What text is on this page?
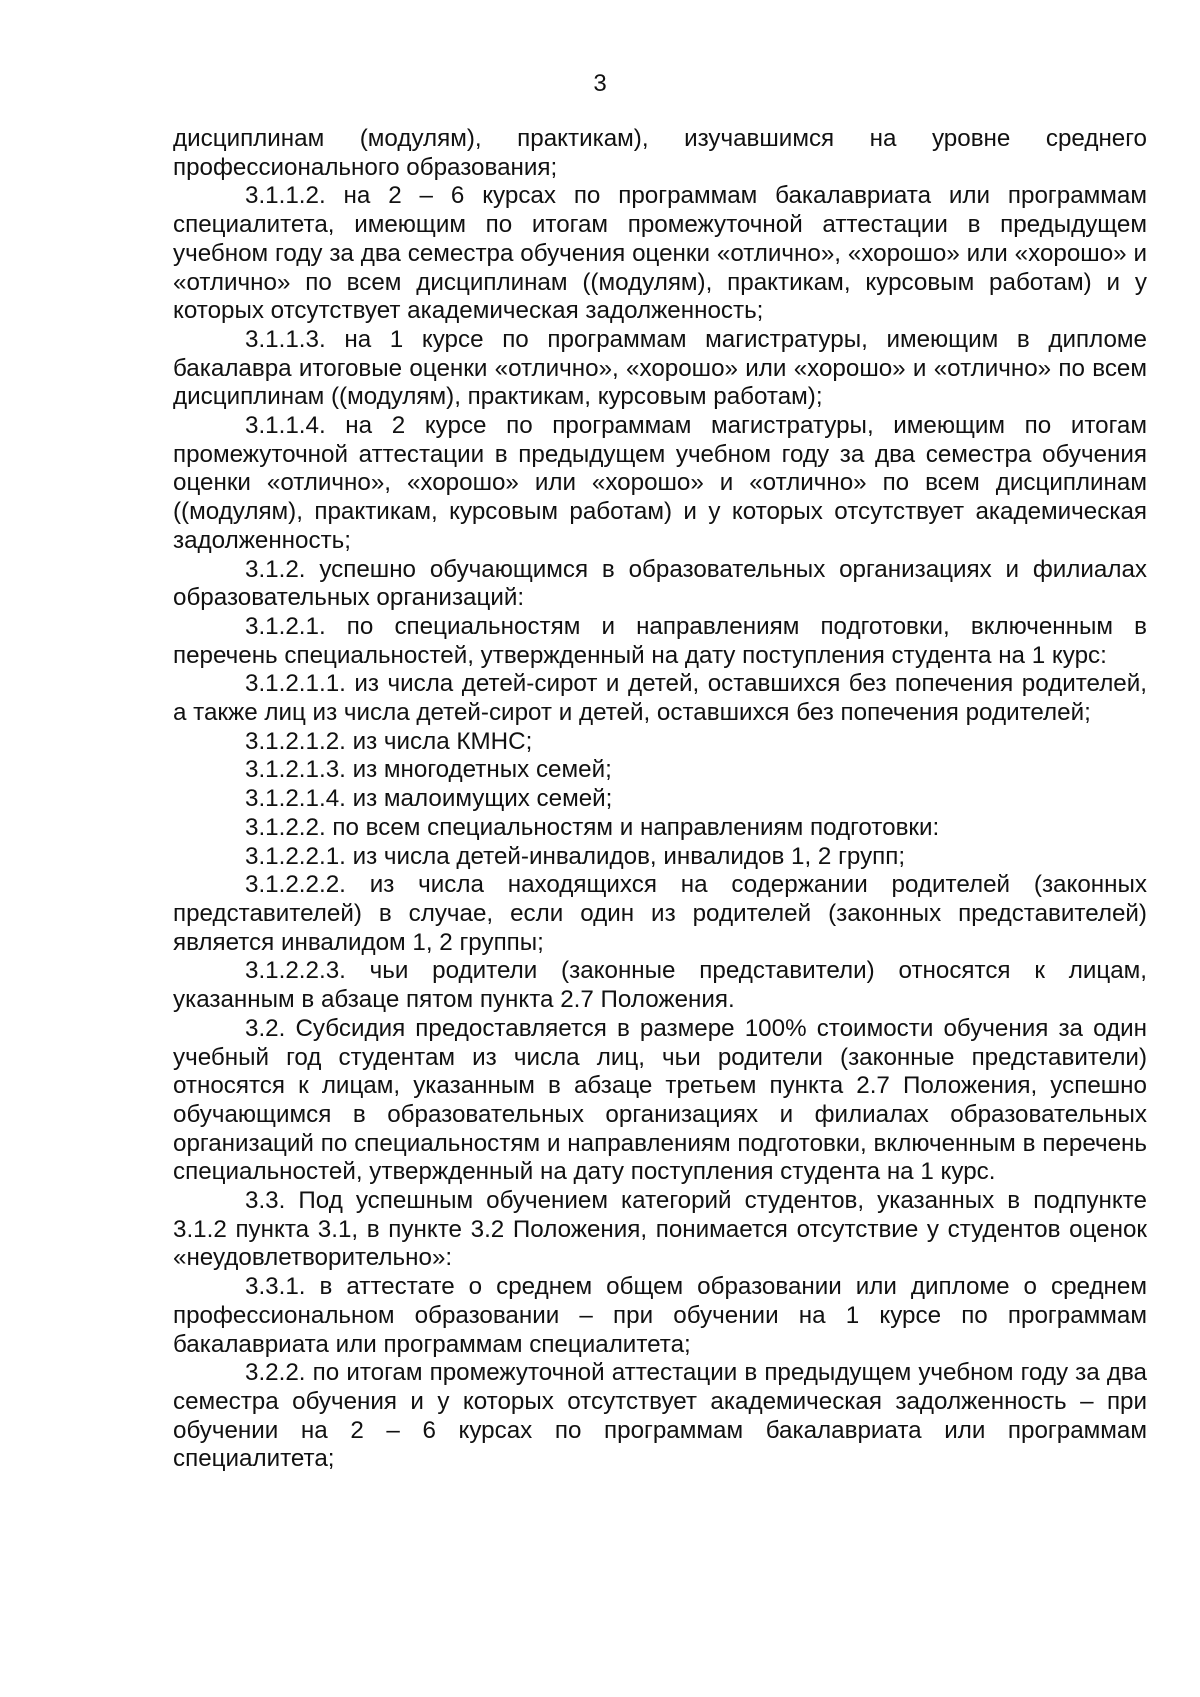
3

дисциплинам (модулям), практикам), изучавшимся на уровне среднего профессионального образования;

3.1.1.2. на 2 – 6 курсах по программам бакалавриата или программам специалитета, имеющим по итогам промежуточной аттестации в предыдущем учебном году за два семестра обучения оценки «отлично», «хорошо» или «хорошо» и «отлично» по всем дисциплинам ((модулям), практикам, курсовым работам) и у которых отсутствует академическая задолженность;

3.1.1.3. на 1 курсе по программам магистратуры, имеющим в дипломе бакалавра итоговые оценки «отлично», «хорошо» или «хорошо» и «отлично» по всем дисциплинам ((модулям), практикам, курсовым работам);

3.1.1.4. на 2 курсе по программам магистратуры, имеющим по итогам промежуточной аттестации в предыдущем учебном году за два семестра обучения оценки «отлично», «хорошо» или «хорошо» и «отлично» по всем дисциплинам ((модулям), практикам, курсовым работам) и у которых отсутствует академическая задолженность;

3.1.2. успешно обучающимся в образовательных организациях и филиалах образовательных организаций:

3.1.2.1. по специальностям и направлениям подготовки, включенным в перечень специальностей, утвержденный на дату поступления студента на 1 курс:

3.1.2.1.1. из числа детей-сирот и детей, оставшихся без попечения родителей, а также лиц из числа детей-сирот и детей, оставшихся без попечения родителей;

3.1.2.1.2. из числа КМНС;

3.1.2.1.3. из многодетных семей;

3.1.2.1.4. из малоимущих семей;

3.1.2.2. по всем специальностям и направлениям подготовки:

3.1.2.2.1. из числа детей-инвалидов, инвалидов 1, 2 групп;

3.1.2.2.2. из числа находящихся на содержании родителей (законных представителей) в случае, если один из родителей (законных представителей) является инвалидом 1, 2 группы;

3.1.2.2.3. чьи родители (законные представители) относятся к лицам, указанным в абзаце пятом пункта 2.7 Положения.

3.2. Субсидия предоставляется в размере 100% стоимости обучения за один учебный год студентам из числа лиц, чьи родители (законные представители) относятся к лицам, указанным в абзаце третьем пункта 2.7 Положения, успешно обучающимся в образовательных организациях и филиалах образовательных организаций по специальностям и направлениям подготовки, включенным в перечень специальностей, утвержденный на дату поступления студента на 1 курс.

3.3. Под успешным обучением категорий студентов, указанных в подпункте 3.1.2 пункта 3.1, в пункте 3.2 Положения, понимается отсутствие у студентов оценок «неудовлетворительно»:

3.3.1. в аттестате о среднем общем образовании или дипломе о среднем профессиональном образовании – при обучении на 1 курсе по программам бакалавриата или программам специалитета;

3.2.2. по итогам промежуточной аттестации в предыдущем учебном году за два семестра обучения и у которых отсутствует академическая задолженность – при обучении на 2 – 6 курсах по программам бакалавриата или программам специалитета;
